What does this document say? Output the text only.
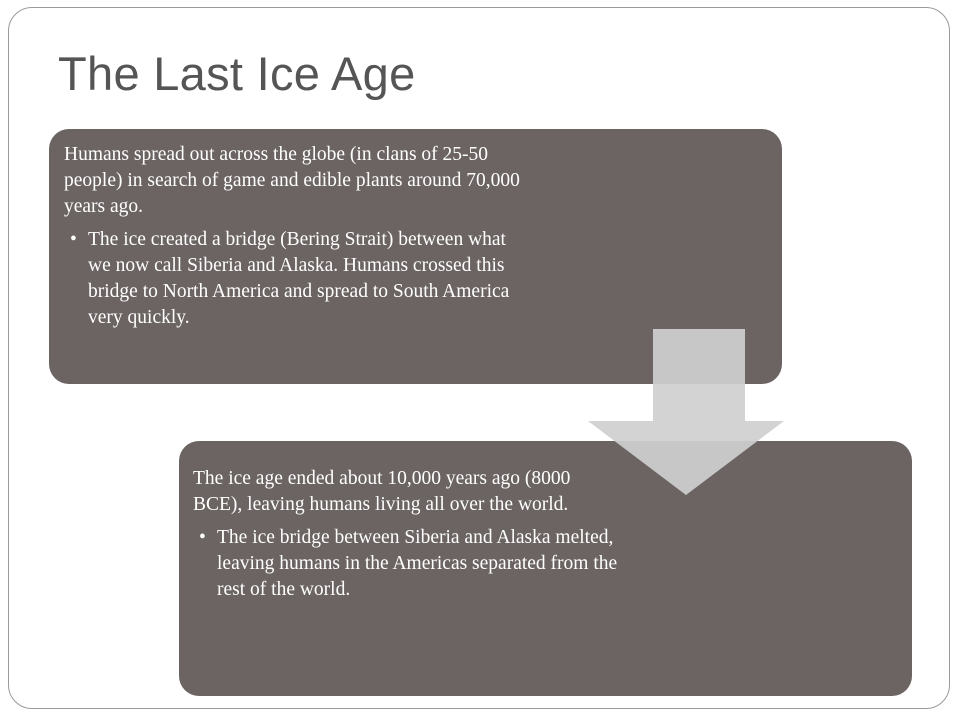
The Last Ice Age

Humans spread out across the globe (in clans of 25-50 people) in search of game and edible plants around 70,000 years ago.

• The ice created a bridge (Bering Strait) between what we now call Siberia and Alaska. Humans crossed this bridge to North America and spread to South America very quickly.

The ice age ended about 10,000 years ago (8000 BCE), leaving humans living all over the world.

• The ice bridge between Siberia and Alaska melted, leaving humans in the Americas separated from the rest of the world.
